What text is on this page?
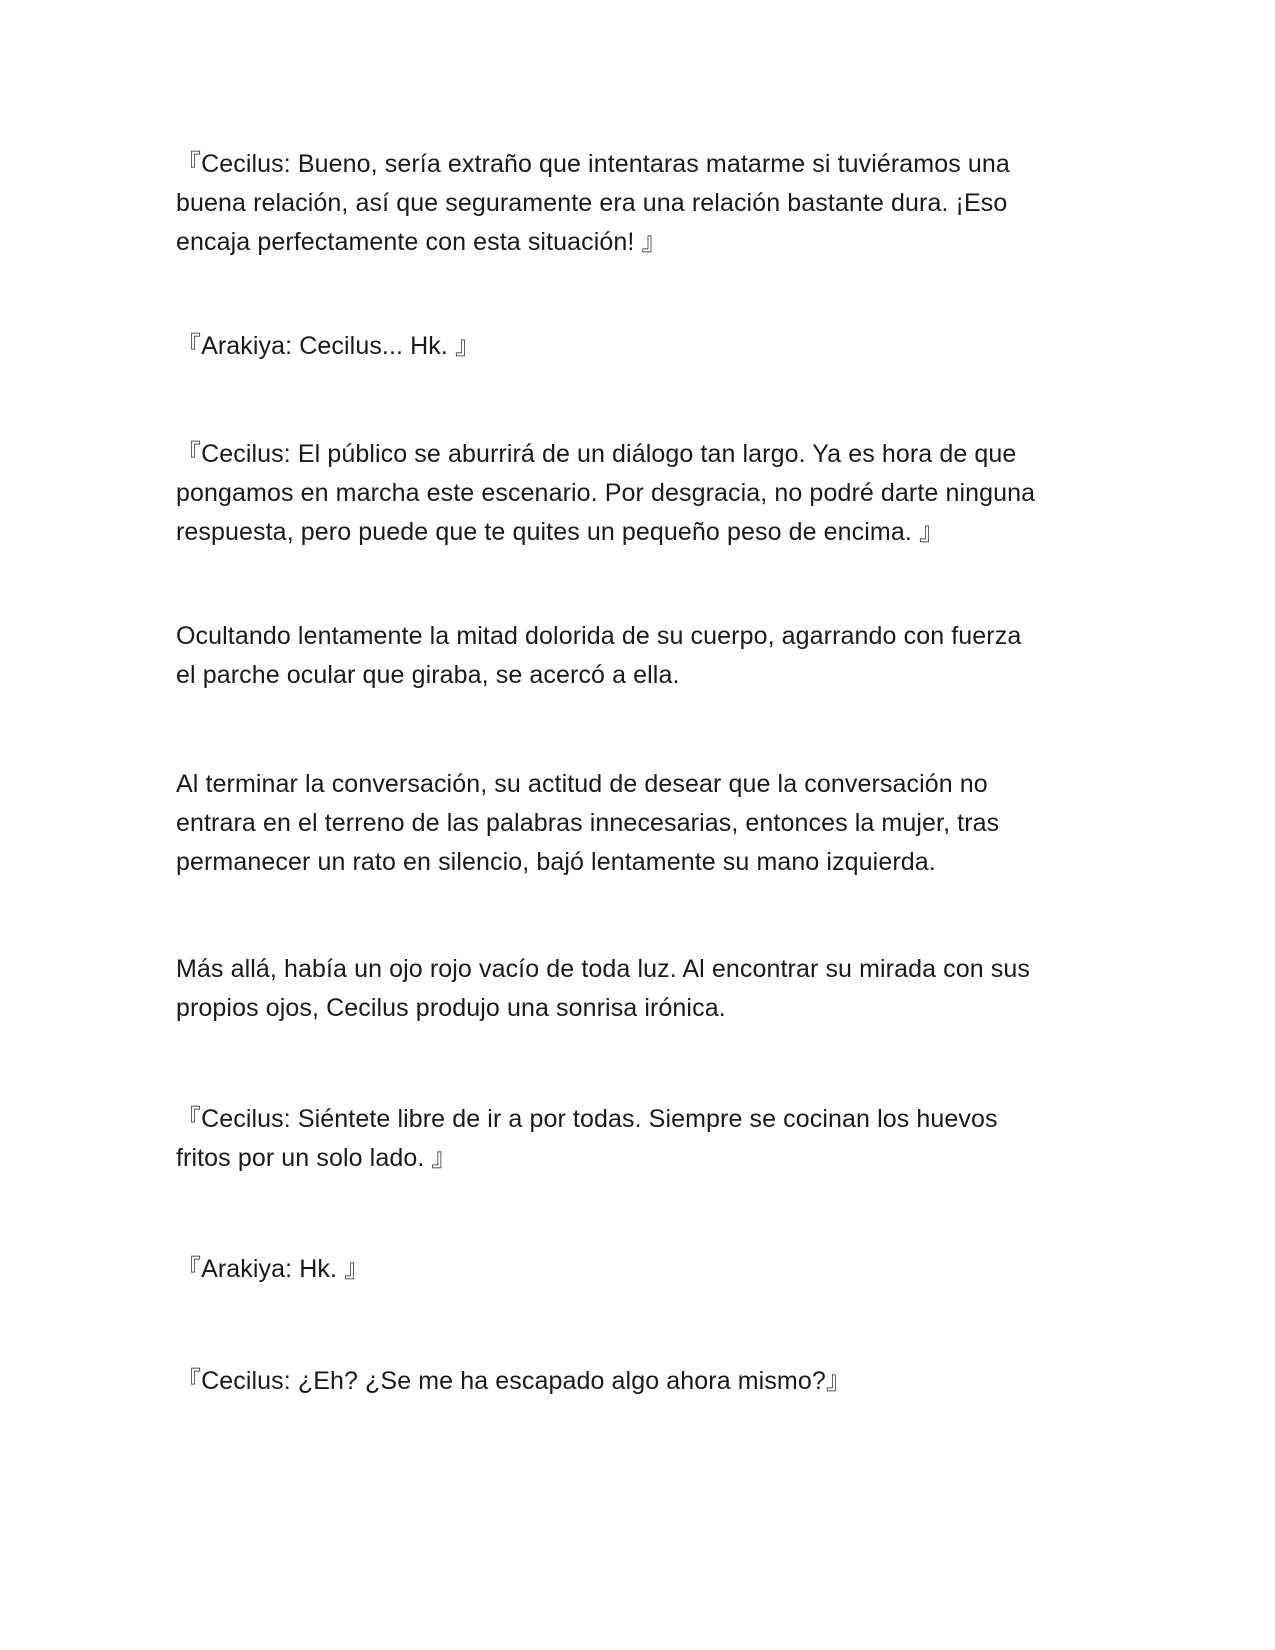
『Cecilus: Bueno, sería extraño que intentaras matarme si tuviéramos una
buena relación, así que seguramente era una relación bastante dura. ¡Eso
encaja perfectamente con esta situación! 』

『Arakiya: Cecilus... Hk. 』

『Cecilus: El público se aburrirá de un diálogo tan largo. Ya es hora de que
pongamos en marcha este escenario. Por desgracia, no podré darte ninguna
respuesta, pero puede que te quites un pequeño peso de encima. 』

Ocultando lentamente la mitad dolorida de su cuerpo, agarrando con fuerza
el parche ocular que giraba, se acercó a ella.

Al terminar la conversación, su actitud de desear que la conversación no
entrara en el terreno de las palabras innecesarias, entonces la mujer, tras
permanecer un rato en silencio, bajó lentamente su mano izquierda.

Más allá, había un ojo rojo vacío de toda luz. Al encontrar su mirada con sus
propios ojos, Cecilus produjo una sonrisa irónica.

『Cecilus: Siéntete libre de ir a por todas. Siempre se cocinan los huevos
fritos por un solo lado. 』

『Arakiya: Hk. 』

『Cecilus: ¿Eh? ¿Se me ha escapado algo ahora mismo?』
